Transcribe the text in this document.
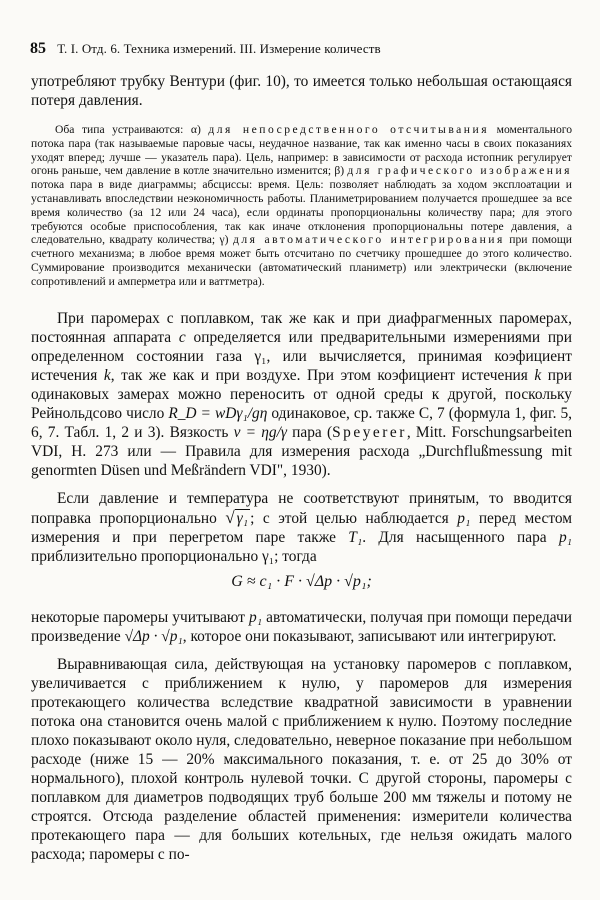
85 Т. I. Отд. 6. Техника измерений. III. Измерение количеств

употребляют трубку Вентури (фиг. 10), то имеется только небольшая остающаяся потеря давления.

Оба типа устраиваются: α) для непосредственного отсчитывания моментального потока пара (так называемые паровые часы, неудачное название, так как именно часы в своих показаниях уходят вперед; лучше — указатель пара). Цель, например: в зависимости от расхода истопник регулирует огонь раньше, чем давление в котле значительно изменится; β) для графического изображения потока пара в виде диаграммы; абсциссы: время. Цель: позволяет наблюдать за ходом эксплоатации и устанавливать впоследствии неэкономичность работы. Планиметрированием получается прошедшее за все время количество (за 12 или 24 часа), если ординаты пропорциональны количеству пара; для этого требуются особые приспособления, так как иначе отклонения пропорциональны потере давления, а следовательно, квадрату количества; γ) для автоматического интегрирования при помощи счетного механизма; в любое время может быть отсчитано по счетчику прошедшее до этого количество. Суммирование производится механически (автоматический планиметр) или электрически (включение сопротивлений и амперметра или и ваттметра).

При паромерах с поплавком, так же как и при диафрагменных паромерах, постоянная аппарата c определяется или предварительными измерениями при определенном состоянии газа γ₁, или вычисляется, принимая коэфициент истечения k, так же как и при воздухе. При этом коэфициент истечения k при одинаковых замерах можно переносить от одной среды к другой, поскольку Рейнольдсово число R_D = wDγ₁/gη одинаковое, ср. также С, 7 (формула 1, фиг. 5, 6, 7. Табл. 1, 2 и 3). Вязкость ν = ηg/γ пара (Speyerer, Mitt. Forschungsarbeiten VDI, H. 273 или — Правила для измерения расхода „Durchflußmessung mit genormten Düsen und Meßrändern VDI", 1930).

Если давление и температура не соответствуют принятым, то вводится поправка пропорционально √ γ₁ ; с этой целью наблюдается p₁ перед местом измерения и при перегретом паре также T₁. Для насыщенного пара p₁ приблизительно пропорционально γ₁; тогда

G ≈ c₁ · F · √Δp · √p₁;

некоторые паромеры учитывают p₁ автоматически, получая при помощи передачи произведение √Δp · √p₁, которое они показывают, записывают или интегрируют.

Выравнивающая сила, действующая на установку паромеров с поплавком, увеличивается с приближением к нулю, у паромеров для измерения протекающего количества вследствие квадратной зависимости в уравнении потока она становится очень малой с приближением к нулю. Поэтому последние плохо показывают около нуля, следовательно, неверное показание при небольшом расходе (ниже 15 — 20% максимального показания, т. е. от 25 до 30% от нормального), плохой контроль нулевой точки. С другой стороны, паромеры с поплавком для диаметров подводящих труб больше 200 мм тяжелы и потому не строятся. Отсюда разделение областей применения: измерители количества протекающего пара — для больших котельных, где нельзя ожидать малого расхода; паромеры с по-
